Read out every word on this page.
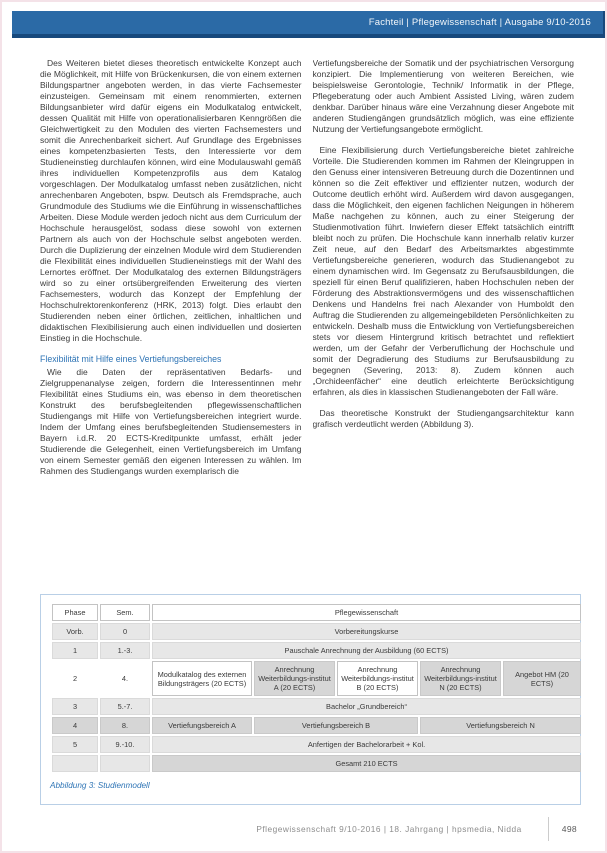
Fachteil | Pflegewissenschaft | Ausgabe 9/10-2016

Des Weiteren bietet dieses theoretisch entwickelte Konzept auch die Möglichkeit, mit Hilfe von Brückenkursen, die von einem externen Bildungspartner angeboten werden, in das vierte Fachsemester einzusteigen. Gemeinsam mit einem renommierten, externen Bildungsanbieter wird dafür eigens ein Modulkatalog entwickelt, dessen Qualität mit Hilfe von operationalisierbaren Kenngrößen die Gleichwertigkeit zu den Modulen des vierten Fachsemesters und somit die Anrechenbarkeit sichert. Auf Grundlage des Ergebnisses eines kompetenzbasierten Tests, den Interessierte vor dem Studieneinstieg durchlaufen können, wird eine Modulauswahl gemäß ihres individuellen Kompetenzprofils aus dem Katalog vorgeschlagen. Der Modulkatalog umfasst neben zusätzlichen, nicht anrechenbaren Angeboten, bspw. Deutsch als Fremdsprache, auch Grundmodule des Studiums wie die Einführung in wissenschaftliches Arbeiten. Diese Module werden jedoch nicht aus dem Curriculum der Hochschule herausgelöst, sodass diese sowohl von externen Partnern als auch von der Hochschule selbst angeboten werden. Durch die Duplizierung der einzelnen Module wird dem Studierenden die Flexibilität eines individuellen Studieneinstiegs mit der Wahl des Lernortes eröffnet. Der Modulkatalog des externen Bildungsträgers wird so zu einer ortsübergreifenden Erweiterung des vierten Fachsemesters, wodurch das Konzept der Empfehlung der Hochschulrektorenkonferenz (HRK, 2013) folgt. Dies erlaubt den Studierenden neben einer örtlichen, zeitlichen, inhaltlichen und didaktischen Flexibilisierung auch einen individuellen und dosierten Einstieg in die Hochschule.

Flexibilität mit Hilfe eines Vertiefungsbereiches

Wie die Daten der repräsentativen Bedarfs- und Zielgruppenanalyse zeigen, fordern die Interessentinnen mehr Flexibilität eines Studiums ein, was ebenso in dem theoretischen Konstrukt des berufsbegleitenden pflegewissenschaftlichen Studiengangs mit Hilfe von Vertiefungsbereichen integriert wurde. Indem der Umfang eines berufsbegleitenden Studiensemesters in Bayern i.d.R. 20 ECTS-Kreditpunkte umfasst, erhält jeder Studierende die Gelegenheit, einen Vertiefungsbereich im Umfang von einem Semester gemäß den eigenen Interessen zu wählen. Im Rahmen des Studiengangs wurden exemplarisch die

Vertiefungsbereiche der Somatik und der psychiatrischen Versorgung konzipiert. Die Implementierung von weiteren Bereichen, wie beispielsweise Gerontologie, Technik/ Informatik in der Pflege, Pflegeberatung oder auch Ambient Assisted Living, wären zudem denkbar. Darüber hinaus wäre eine Verzahnung dieser Angebote mit anderen Studiengängen grundsätzlich möglich, was eine effiziente Nutzung der Vertiefungsangebote ermöglicht.

Eine Flexibilisierung durch Vertiefungsbereiche bietet zahlreiche Vorteile. Die Studierenden kommen im Rahmen der Kleingruppen in den Genuss einer intensiveren Betreuung durch die Dozentinnen und können so die Zeit effektiver und effizienter nutzen, wodurch der Outcome deutlich erhöht wird. Außerdem wird davon ausgegangen, dass die Möglichkeit, den eigenen fachlichen Neigungen in höherem Maße nachgehen zu können, auch zu einer Steigerung der Studienmotivation führt. Inwiefern dieser Effekt tatsächlich eintrifft bleibt noch zu prüfen. Die Hochschule kann innerhalb relativ kurzer Zeit neue, auf den Bedarf des Arbeitsmarktes abgestimmte Vertiefungsbereiche generieren, wodurch das Studienangebot zu einem dynamischen wird. Im Gegensatz zu Berufsausbildungen, die speziell für einen Beruf qualifizieren, haben Hochschulen neben der Förderung des Abstraktionsvermögens und des wissenschaftlichen Denkens und Handelns frei nach Alexander von Humboldt den Auftrag die Studierenden zu allgemeingebildeten Persönlichkeiten zu entwickeln. Deshalb muss die Entwicklung von Vertiefungsbereichen stets vor diesem Hintergrund kritisch betrachtet und reflektiert werden, um der Gefahr der Verberuflichung der Hochschule und somit der Degradierung des Studiums zur Berufsausbildung zu begegnen (Severing, 2013: 8). Zudem können auch „Orchideenfächer“ eine deutlich erleichterte Berücksichtigung erfahren, als dies in klassischen Studienangeboten der Fall wäre.

Das theoretische Konstrukt der Studiengangsarchitektur kann grafisch verdeutlicht werden (Abbildung 3).

Phase	Sem.	Pflegewissenschaft				
Vorb.	0	Vorbereitungskurse				
1	1.-3.	Pauschale Anrechnung der Ausbildung (60 ECTS)				
2	4.	Modulkatalog des externen Bildungsträgers (20 ECTS)	Anrechnung Weiterbildungs-institut A (20 ECTS)	Anrechnung Weiterbildungs-institut B (20 ECTS)	Anrechnung Weiterbildungs-institut N (20 ECTS)	Angebot HM (20 ECTS)
3	5.-7.	Bachelor „Grundbereich“				
4	8.	Vertiefungsbereich A	Vertiefungsbereich B		Vertiefungsbereich N	
5	9.-10.	Anfertigen der Bachelorarbeit + Kol.				
		Gesamt 210 ECTS				
Abbildung 3: Studienmodell
Pflegewissenschaft 9/10-2016 | 18. Jahrgang | hpsmedia, Nidda	498
